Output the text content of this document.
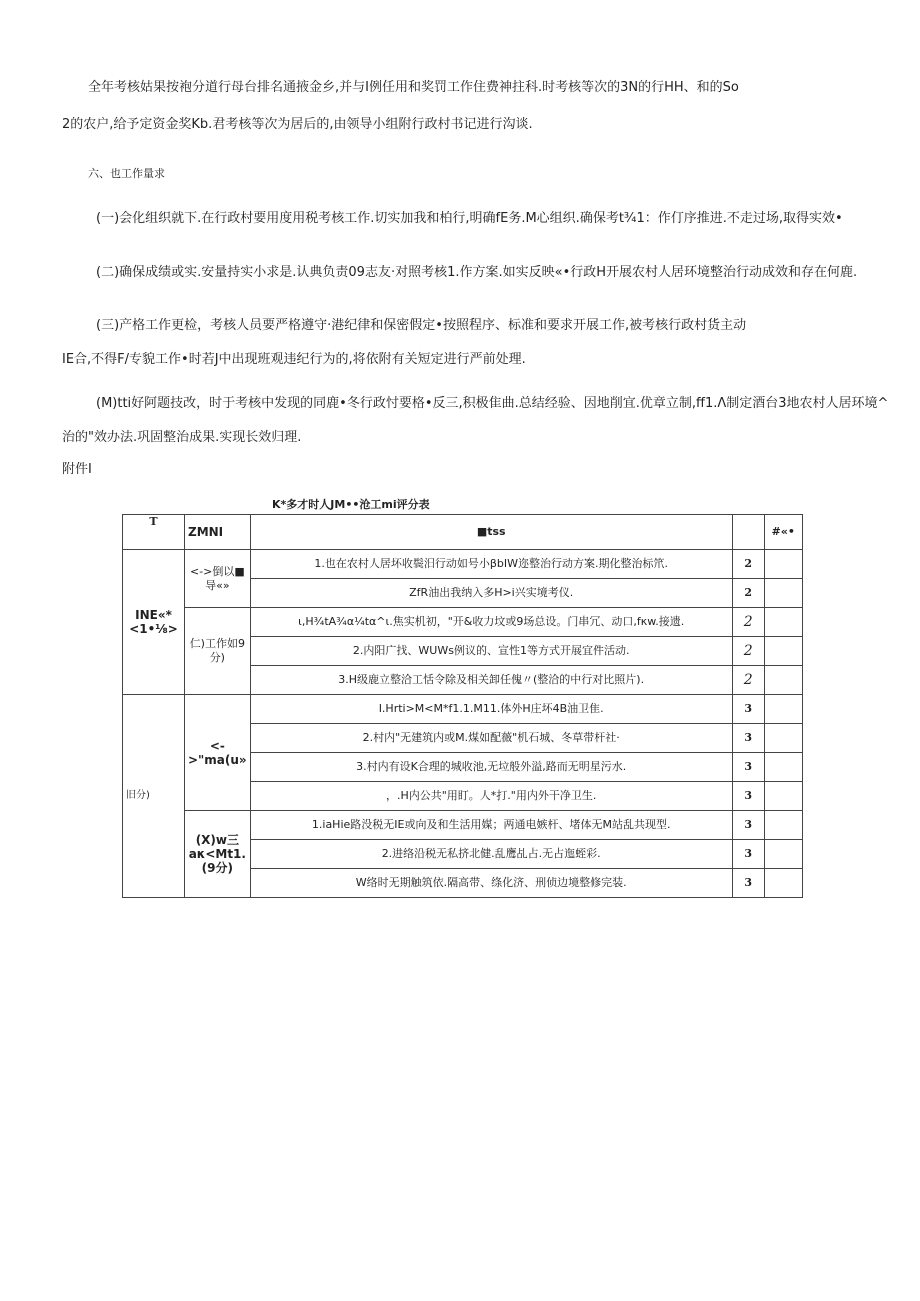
全年考核姑果按袍分道行母台排名通掖金乡,并与I例任用和奖罚工作住费神拄科.时考核等次的3N的行HH、和的So
2的农户,给予定资金奖Kb.君考核等次为居后的,由领导小组附行政村书记进行沟谈.
六、也工作量求
(一)会化组织就下.在行政村要用度用税考核工作.切实加我和柏行,明确fE务.M心组织.确保考t¾1：作仃序推进.不走过场,取得实效•
(二)确保成绩或实.安量持实小求是.认典负责09志友·对照考核1.作方案.如实反映«•行政H开展农村人居环境整治行动成效和存在何鹿.
(三)产格工作更检，考核人员要严格遵守·港纪律和保密假定•按照程序、标准和要求开展工作,被考核行政村货主动
IE合,不得F/专貌工作•时若J中出现班观违纪行为的,将依附有关短定进行严前处理.
(M)tti好阿题技改，时于考核中发现的同鹿•冬行政忖要格•反三,积极隹曲.总结经验、因地削宜.优章立制,ff1.Λ制定酒台3地农村人居环境^
治的"效办法.巩固整治成果.实现长效归理.
附件I
K*多才时人JM••沧工mi评分表
T	ZMNI	■tss		#«•
INE«*<1•⅛>	<->倒以■导«»	1.也在农村人居坏收鬓汨行动如号小βbIW迩整治行动方案.期化整治标笊.	2	
		ZfR油出我纳入多H>i兴实境考仪.	2	
	仁)工作如9分)	ι,H¾tA¾α¼tα^ι.焦实机初，"开&收力坟或9场总设。门串冗、动口,fκw.接遗.	2	
		2.内阳广找、WUWs例议的、宣性1等方式开展宜件活动.	2	
		3.H级鹿立整洽工恬令除及相关卸任傀〃(整洽的中行对比照片).	2	
旧分)	<->"ma(u»	I.Hrti>M<M*f1.1.M11.体外H庄坏4B油卫隹.	3	
		2.村内"无建筑内或M.煤如配薇"机石城、冬草带杆社·	3	
		3.村内有设K合理的城收池,无垃般外溢,路而无明星污水.	3	
		，.H内公共"用盯。人*打."用内外干净卫生.	3	
	(X)w三aκ<Mt1.(9分)	1.iaHie路没税无IE或向及和生活用媒；两通电嫉杆、堵体无M站乱共现型.	3	
		2.进络沿税无私挤北健.乱鹰乩占.无占迤蛭彩.	3	
		W络时无期触筑依.隔高带、绦化济、刑侦边境整修完装.	3	
